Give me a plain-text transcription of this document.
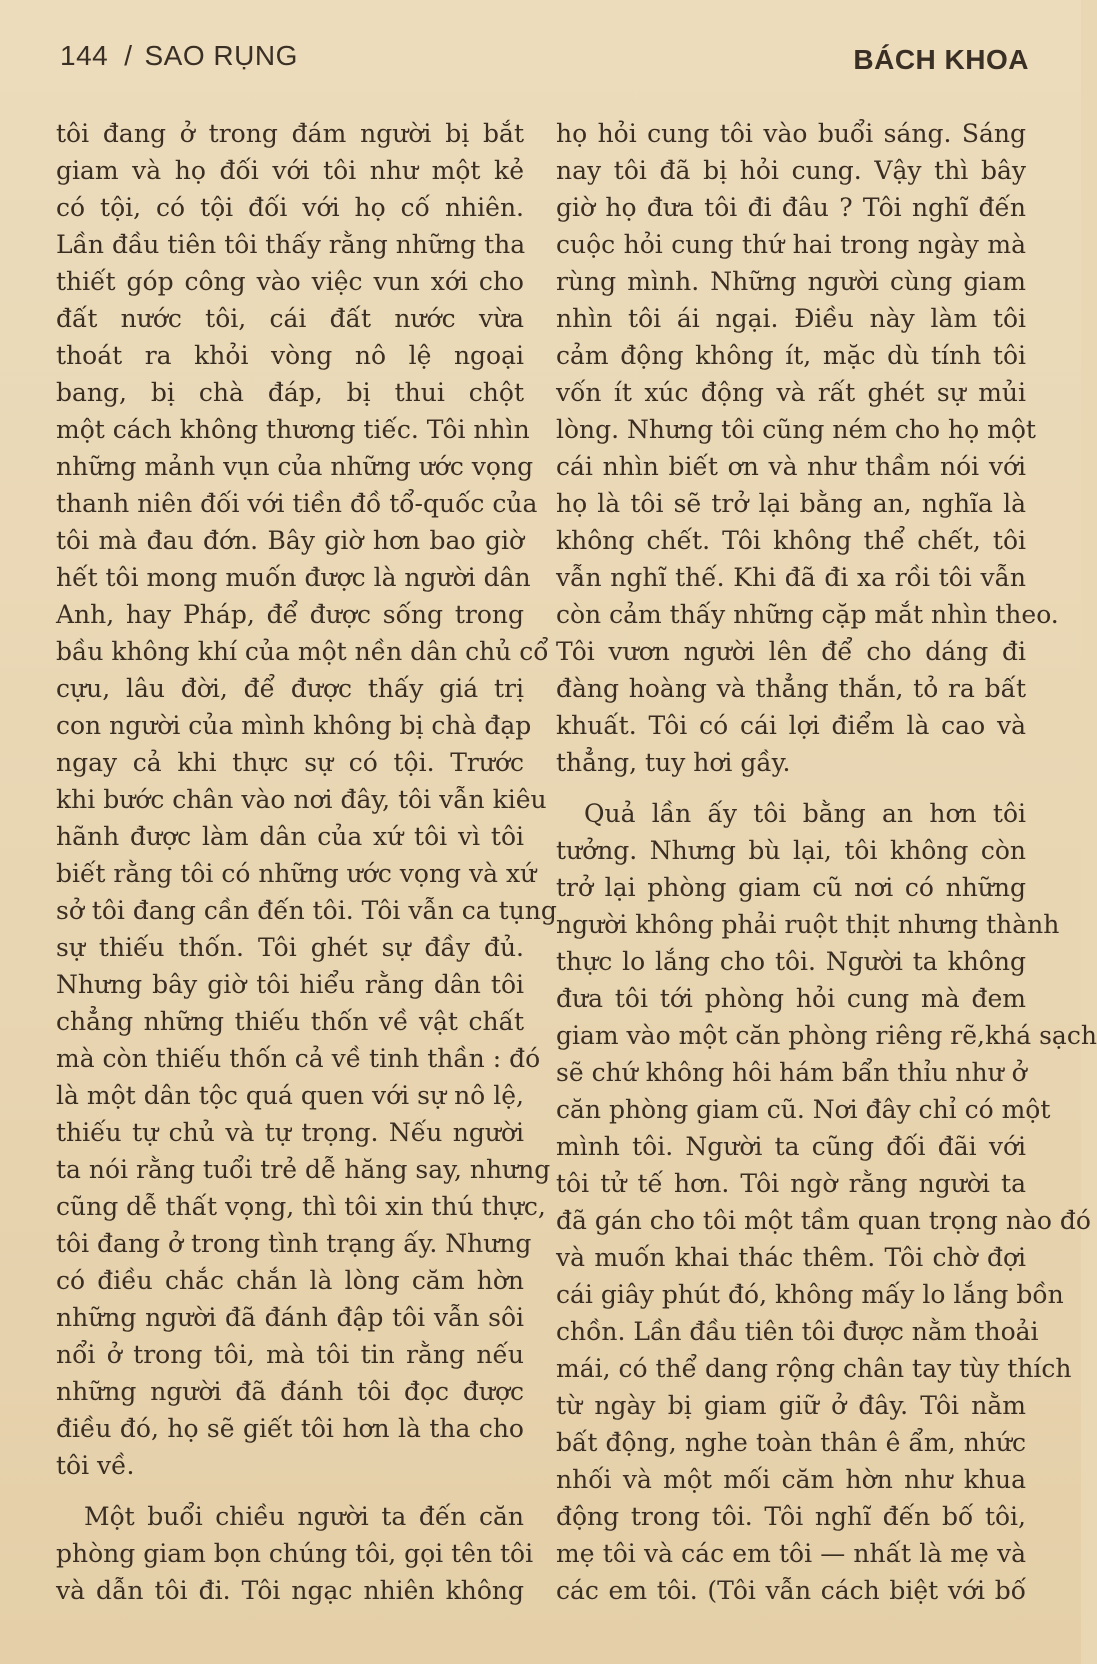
144 / SAO RỤNG	BÁCH KHOA
tôi đang ở trong đám người bị bắt
giam và họ đối với tôi như một kẻ
có tội, có tội đối với họ cố nhiên.
Lần đầu tiên tôi thấy rằng những tha
thiết góp công vào việc vun xới cho
đất nước tôi, cái đất nước vừa
thoát ra khỏi vòng nô lệ ngoại
bang, bị chà đáp, bị thui chột
một cách không thương tiếc. Tôi nhìn
những mảnh vụn của những ước vọng
thanh niên đối với tiền đồ tổ-quốc của
tôi mà đau đớn. Bây giờ hơn bao giờ
hết tôi mong muốn được là người dân
Anh, hay Pháp, để được sống trong
bầu không khí của một nền dân chủ cổ
cựu, lâu đời, để được thấy giá trị
con người của mình không bị chà đạp
ngay cả khi thực sự có tội. Trước
khi bước chân vào nơi đây, tôi vẫn kiêu
hãnh được làm dân của xứ tôi vì tôi
biết rằng tôi có những ước vọng và xứ
sở tôi đang cần đến tôi. Tôi vẫn ca tụng
sự thiếu thốn. Tôi ghét sự đầy đủ.
Nhưng bây giờ tôi hiểu rằng dân tôi
chẳng những thiếu thốn về vật chất
mà còn thiếu thốn cả về tinh thần : đó
là một dân tộc quá quen với sự nô lệ,
thiếu tự chủ và tự trọng. Nếu người
ta nói rằng tuổi trẻ dễ hăng say, nhưng
cũng dễ thất vọng, thì tôi xin thú thực,
tôi đang ở trong tình trạng ấy. Nhưng
có điều chắc chắn là lòng căm hờn
những người đã đánh đập tôi vẫn sôi
nổi ở trong tôi, mà tôi tin rằng nếu
những người đã đánh tôi đọc được
điều đó, họ sẽ giết tôi hơn là tha cho
tôi về.
Một buổi chiều người ta đến căn
phòng giam bọn chúng tôi, gọi tên tôi
và dẫn tôi đi. Tôi ngạc nhiên không
họ hỏi cung tôi vào buổi sáng. Sáng
nay tôi đã bị hỏi cung. Vậy thì bây
giờ họ đưa tôi đi đâu ? Tôi nghĩ đến
cuộc hỏi cung thứ hai trong ngày mà
rùng mình. Những người cùng giam
nhìn tôi ái ngại. Điều này làm tôi
cảm động không ít, mặc dù tính tôi
vốn ít xúc động và rất ghét sự mủi
lòng. Nhưng tôi cũng ném cho họ một
cái nhìn biết ơn và như thầm nói với
họ là tôi sẽ trở lại bằng an, nghĩa là
không chết. Tôi không thể chết, tôi
vẫn nghĩ thế. Khi đã đi xa rồi tôi vẫn
còn cảm thấy những cặp mắt nhìn theo.
Tôi vươn người lên để cho dáng đi
đàng hoàng và thẳng thắn, tỏ ra bất
khuất. Tôi có cái lợi điểm là cao và
thẳng, tuy hơi gầy.
Quả lần ấy tôi bằng an hơn tôi
tưởng. Nhưng bù lại, tôi không còn
trở lại phòng giam cũ nơi có những
người không phải ruột thịt nhưng thành
thực lo lắng cho tôi. Người ta không
đưa tôi tới phòng hỏi cung mà đem
giam vào một căn phòng riêng rẽ,khá sạch
sẽ chứ không hôi hám bẩn thỉu như ở
căn phòng giam cũ. Nơi đây chỉ có một
mình tôi. Người ta cũng đối đãi với
tôi tử tế hơn. Tôi ngờ rằng người ta
đã gán cho tôi một tầm quan trọng nào đó
và muốn khai thác thêm. Tôi chờ đợi
cái giây phút đó, không mấy lo lắng bồn
chồn. Lần đầu tiên tôi được nằm thoải
mái, có thể dang rộng chân tay tùy thích
từ ngày bị giam giữ ở đây. Tôi nằm
bất động, nghe toàn thân ê ẩm, nhức
nhối và một mối căm hờn như khua
động trong tôi. Tôi nghĩ đến bố tôi,
mẹ tôi và các em tôi — nhất là mẹ và
các em tôi. (Tôi vẫn cách biệt với bố
